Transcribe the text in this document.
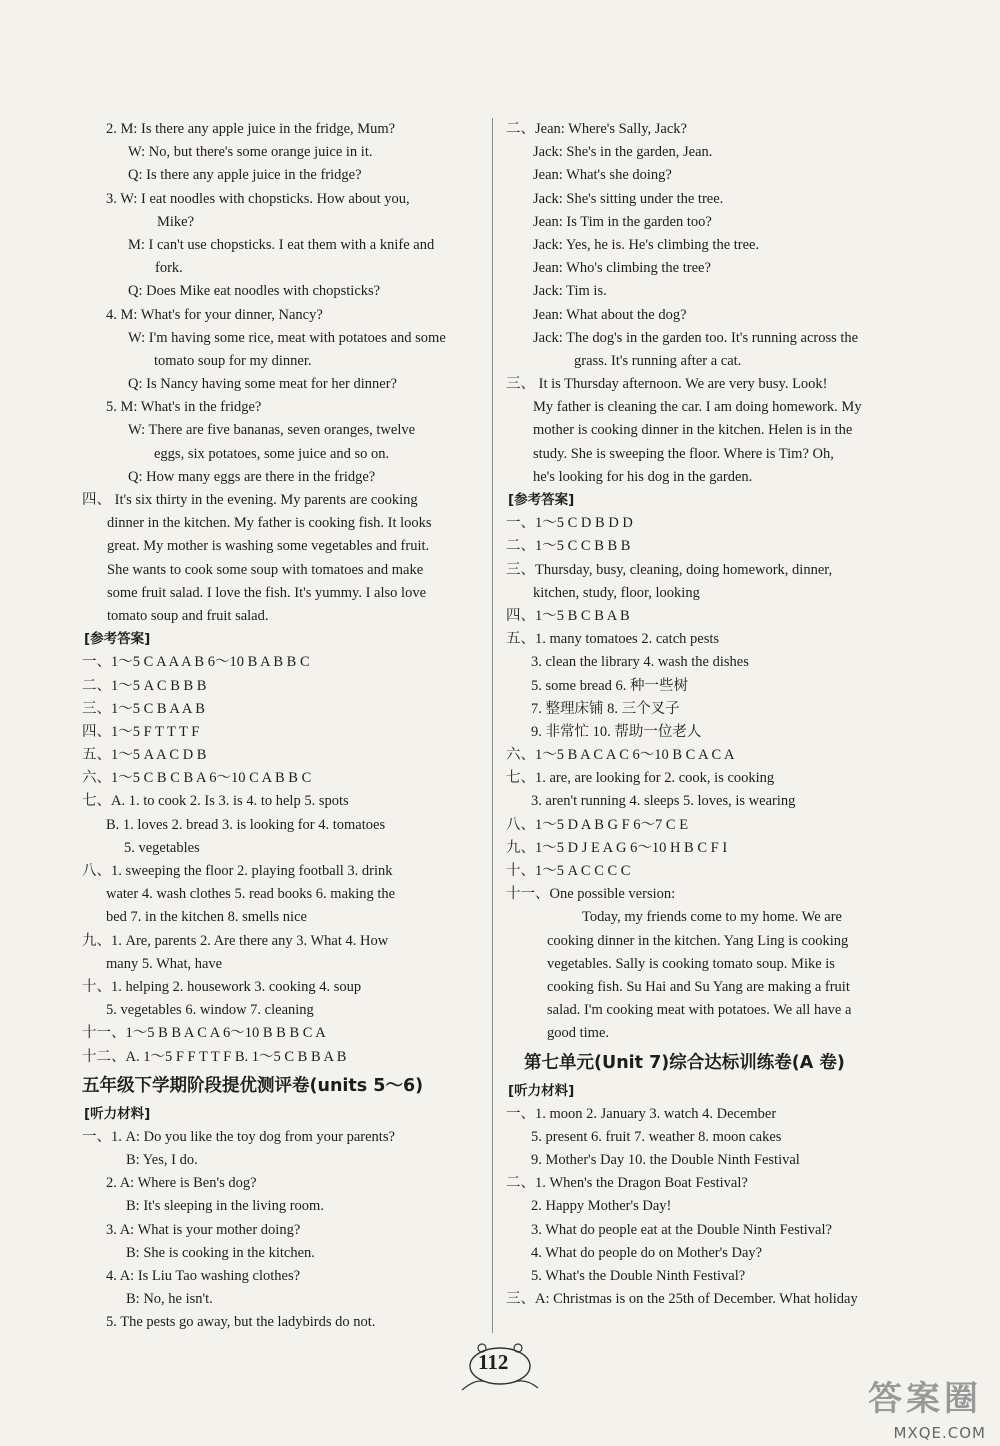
2. M: Is there any apple juice in the fridge, Mum?
W: No, but there's some orange juice in it.
Q: Is there any apple juice in the fridge?
3. W: I eat noodles with chopsticks. How about you,
Mike?
M: I can't use chopsticks. I eat them with a knife and
fork.
Q: Does Mike eat noodles with chopsticks?
4. M: What's for your dinner, Nancy?
W: I'm having some rice, meat with potatoes and some
tomato soup for my dinner.
Q: Is Nancy having some meat for her dinner?
5. M: What's in the fridge?
W: There are five bananas, seven oranges, twelve
eggs, six potatoes, some juice and so on.
Q: How many eggs are there in the fridge?
四、 It's six thirty in the evening. My parents are cooking
dinner in the kitchen. My father is cooking fish. It looks
great. My mother is washing some vegetables and fruit.
She wants to cook some soup with tomatoes and make
some fruit salad. I love the fish. It's yummy. I also love
tomato soup and fruit salad.
[参考答案]
一、1～5 C A A A B 6～10 B A B B C
二、1～5 A C B B B
三、1～5 C B A A B
四、1～5 F T T T F
五、1～5 A A C D B
六、1～5 C B C B A 6～10 C A B B C
七、A. 1. to cook 2. Is 3. is 4. to help 5. spots
B. 1. loves 2. bread 3. is looking for 4. tomatoes
5. vegetables
八、1. sweeping the floor 2. playing football 3. drink
water 4. wash clothes 5. read books 6. making the
bed 7. in the kitchen 8. smells nice
九、1. Are, parents 2. Are there any 3. What 4. How
many 5. What, have
十、1. helping 2. housework 3. cooking 4. soup
5. vegetables 6. window 7. cleaning
十一、1～5 B B A C A 6～10 B B B C A
十二、A. 1～5 F F T T F B. 1～5 C B B A B
五年级下学期阶段提优测评卷(units 5～6)
[听力材料]
一、1. A: Do you like the toy dog from your parents?
B: Yes, I do.
2. A: Where is Ben's dog?
B: It's sleeping in the living room.
3. A: What is your mother doing?
B: She is cooking in the kitchen.
4. A: Is Liu Tao washing clothes?
B: No, he isn't.
5. The pests go away, but the ladybirds do not.
二、Jean: Where's Sally, Jack?
Jack: She's in the garden, Jean.
Jean: What's she doing?
Jack: She's sitting under the tree.
Jean: Is Tim in the garden too?
Jack: Yes, he is. He's climbing the tree.
Jean: Who's climbing the tree?
Jack: Tim is.
Jean: What about the dog?
Jack: The dog's in the garden too. It's running across the
grass. It's running after a cat.
三、 It is Thursday afternoon. We are very busy. Look!
My father is cleaning the car. I am doing homework. My
mother is cooking dinner in the kitchen. Helen is in the
study. She is sweeping the floor. Where is Tim? Oh,
he's looking for his dog in the garden.
[参考答案]
一、1～5 C D B D D
二、1～5 C C B B B
三、Thursday, busy, cleaning, doing homework, dinner,
kitchen, study, floor, looking
四、1～5 B C B A B
五、1. many tomatoes 2. catch pests
3. clean the library 4. wash the dishes
5. some bread 6. 种一些树
7. 整理床铺 8. 三个叉子
9. 非常忙 10. 帮助一位老人
六、1～5 B A C A C 6～10 B C A C A
七、1. are, are looking for 2. cook, is cooking
3. aren't running 4. sleeps 5. loves, is wearing
八、1～5 D A B G F 6～7 C E
九、1～5 D J E A G 6～10 H B C F I
十、1～5 A C C C C
十一、One possible version:
Today, my friends come to my home. We are
cooking dinner in the kitchen. Yang Ling is cooking
vegetables. Sally is cooking tomato soup. Mike is
cooking fish. Su Hai and Su Yang are making a fruit
salad. I'm cooking meat with potatoes. We all have a
good time.
第七单元(Unit 7)综合达标训练卷(A 卷)
[听力材料]
一、1. moon 2. January 3. watch 4. December
5. present 6. fruit 7. weather 8. moon cakes
9. Mother's Day 10. the Double Ninth Festival
二、1. When's the Dragon Boat Festival?
2. Happy Mother's Day!
3. What do people eat at the Double Ninth Festival?
4. What do people do on Mother's Day?
5. What's the Double Ninth Festival?
三、A: Christmas is on the 25th of December. What holiday
112
答案圈
MXQE.COM
